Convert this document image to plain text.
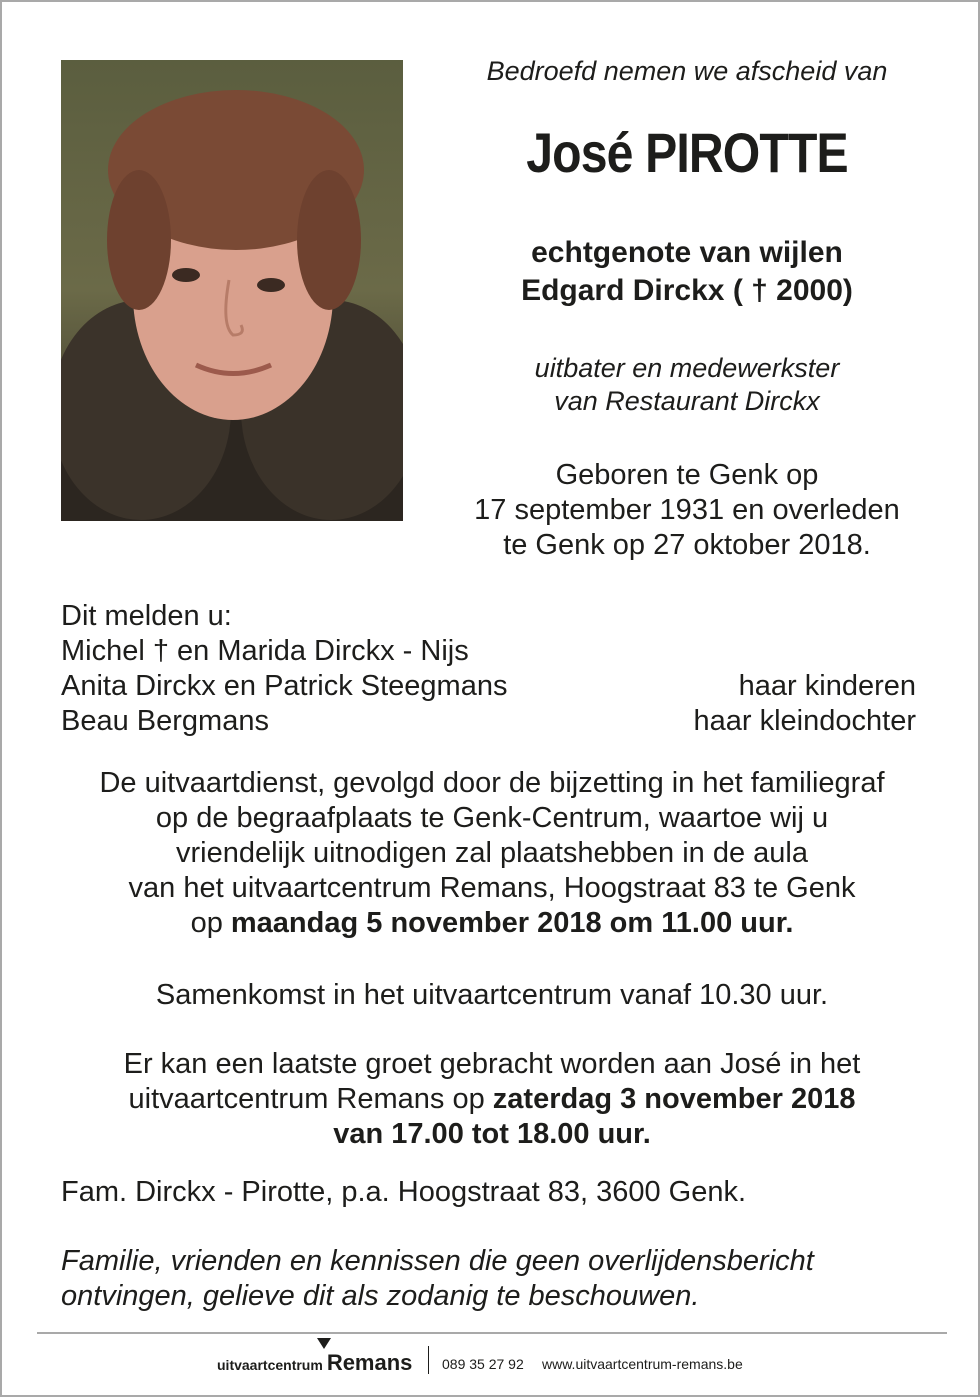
Bedroefd nemen we afscheid van
José PIROTTE
echtgenote van wijlen
Edgard Dirckx ( † 2000)
uitbater en medewerkster
van Restaurant Dirckx
Geboren te Genk op
17 september 1931 en overleden
te Genk op 27 oktober 2018.
Dit melden u:
Michel † en Marida Dirckx - Nijs
Anita Dirckx en Patrick Steegmans	haar kinderen
Beau Bergmans	haar kleindochter
De uitvaartdienst, gevolgd door de bijzetting in het familiegraf
op de begraafplaats te Genk-Centrum, waartoe wij u
vriendelijk uitnodigen zal plaatshebben in de aula
van het uitvaartcentrum Remans, Hoogstraat 83 te Genk
op maandag 5 november 2018 om 11.00 uur.
Samenkomst in het uitvaartcentrum vanaf 10.30 uur.
Er kan een laatste groet gebracht worden aan José in het
uitvaartcentrum Remans op zaterdag 3 november 2018
van 17.00 tot 18.00 uur.
Fam. Dirckx - Pirotte, p.a. Hoogstraat 83, 3600 Genk.
Familie, vrienden en kennissen die geen overlijdensbericht
ontvingen, gelieve dit als zodanig te beschouwen.
uitvaartcentrum Remans 089 35 27 92 www.uitvaartcentrum-remans.be
